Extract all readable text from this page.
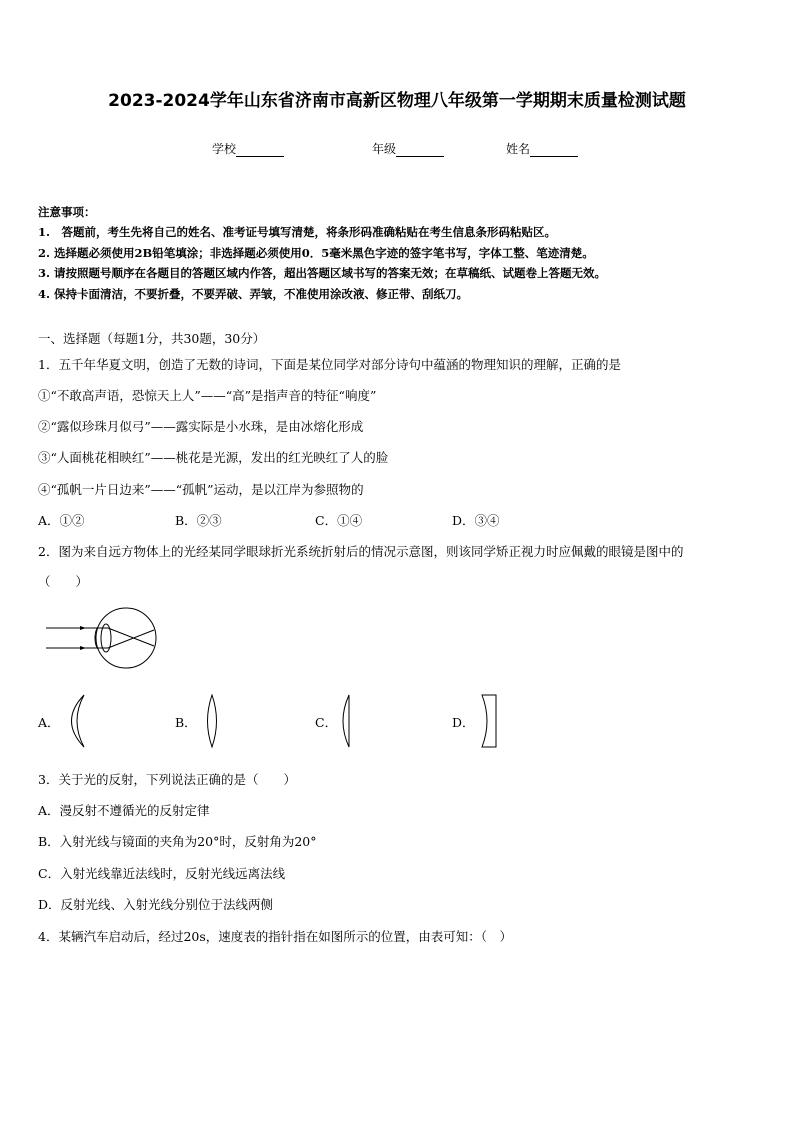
2023-2024学年山东省济南市高新区物理八年级第一学期期末质量检测试题
学校	年级	姓名
注意事项：
1.　答题前，考生先将自己的姓名、准考证号填写清楚，将条形码准确粘贴在考生信息条形码粘贴区。
2. 选择题必须使用2B铅笔填涂；非选择题必须使用0．5毫米黑色字迹的签字笔书写，字体工整、笔迹清楚。
3. 请按照题号顺序在各题目的答题区域内作答，超出答题区域书写的答案无效；在草稿纸、试题卷上答题无效。
4. 保持卡面清洁，不要折叠，不要弄破、弄皱，不准使用涂改液、修正带、刮纸刀。
一、选择题（每题1分，共30题，30分）
1．五千年华夏文明，创造了无数的诗词，下面是某位同学对部分诗句中蕴涵的物理知识的理解，正确的是
①“不敢高声语，恐惊天上人”——“高”是指声音的特征“响度”
②“露似珍珠月似弓”——露实际是小水珠，是由冰熔化形成
③“人面桃花相映红”——桃花是光源，发出的红光映红了人的脸
④“孤帆一片日边来”——“孤帆”运动，是以江岸为参照物的
A．①②	B．②③	C．①④	D．③④
2．图为来自远方物体上的光经某同学眼球折光系统折射后的情况示意图，则该同学矫正视力时应佩戴的眼镜是图中的
（　　）
A．	B．	C．	D．
3．关于光的反射，下列说法正确的是（　　）
A．漫反射不遵循光的反射定律
B．入射光线与镜面的夹角为20°时，反射角为20°
C．入射光线靠近法线时，反射光线远离法线
D．反射光线、入射光线分别位于法线两侧
4．某辆汽车启动后，经过20s，速度表的指针指在如图所示的位置，由表可知：（　）
